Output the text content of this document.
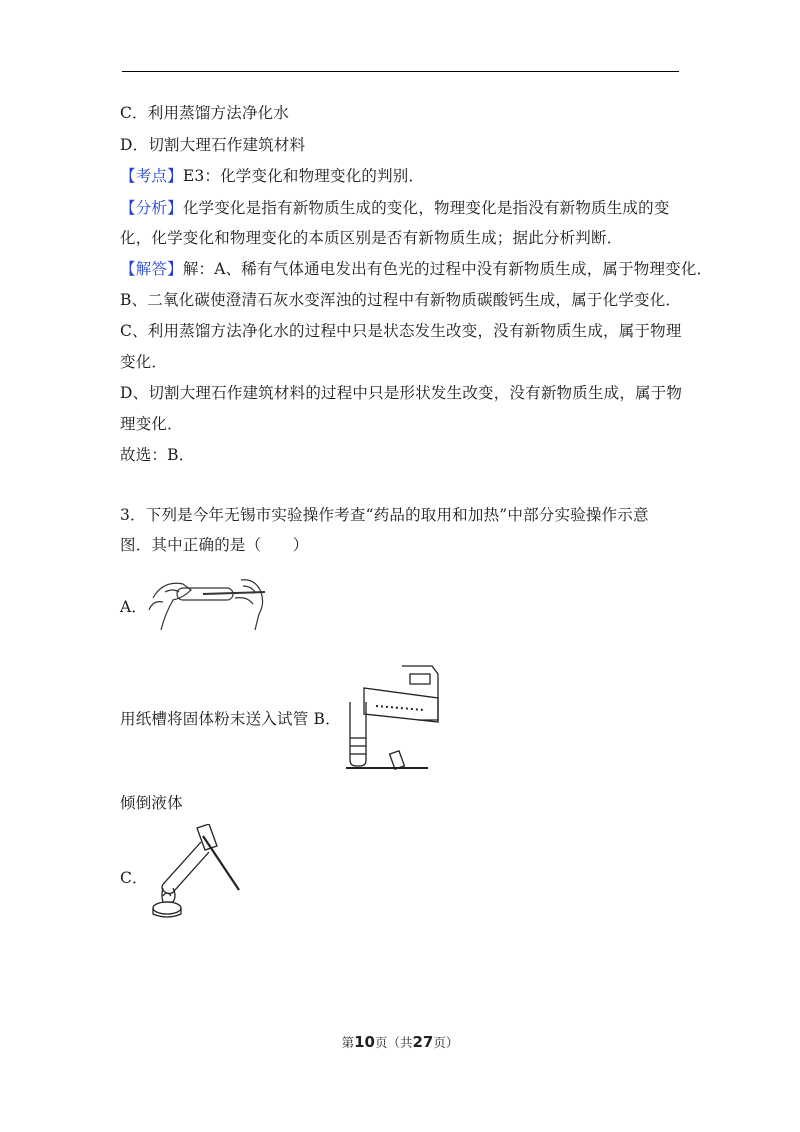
C．利用蒸馏方法净化水
D．切割大理石作建筑材料
【考点】E3：化学变化和物理变化的判别．
【分析】化学变化是指有新物质生成的变化，物理变化是指没有新物质生成的变
化，化学变化和物理变化的本质区别是否有新物质生成；据此分析判断．
【解答】解：A、稀有气体通电发出有色光的过程中没有新物质生成，属于物理变化．
B、二氧化碳使澄清石灰水变浑浊的过程中有新物质碳酸钙生成，属于化学变化．
C、利用蒸馏方法净化水的过程中只是状态发生改变，没有新物质生成，属于物理
变化．
D、切割大理石作建筑材料的过程中只是形状发生改变，没有新物质生成，属于物
理变化．
故选：B．
3．下列是今年无锡市实验操作考查“药品的取用和加热”中部分实验操作示意
图．其中正确的是（　　）
A．
用纸槽将固体粉末送入试管 B．
倾倒液体
C．
第10页（共27页）
